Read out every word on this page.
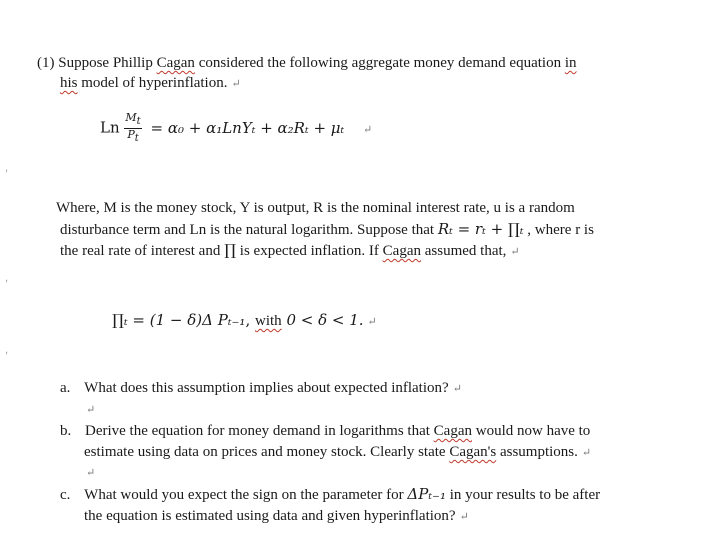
,
,
,
(1) Suppose Phillip Cagan considered the following aggregate money demand equation in
his model of hyperinflation. ↵
Ln $\frac{M_t}{P_t} = \alpha_0 + \alpha_1LnY_t + \alpha_2R_t + \mu_t$ ↵
Where, M is the money stock, Y is output, R is the nominal interest rate, u is a random
disturbance term and Ln is the natural logarithm. Suppose that Rₜ = rₜ + ∏ₜ , where r is
the real rate of interest and ∏ is expected inflation. If Cagan assumed that, ↵
∏ₜ = (1 − δ)Δ Pₜ₋₁, with 0 < δ < 1. ↵
a. What does this assumption implies about expected inflation? ↵
↵
b. Derive the equation for money demand in logarithms that Cagan would now have to
estimate using data on prices and money stock. Clearly state Cagan's assumptions. ↵
↵
c. What would you expect the sign on the parameter for ΔPₜ₋₁ in your results to be after
the equation is estimated using data and given hyperinflation? ↵
